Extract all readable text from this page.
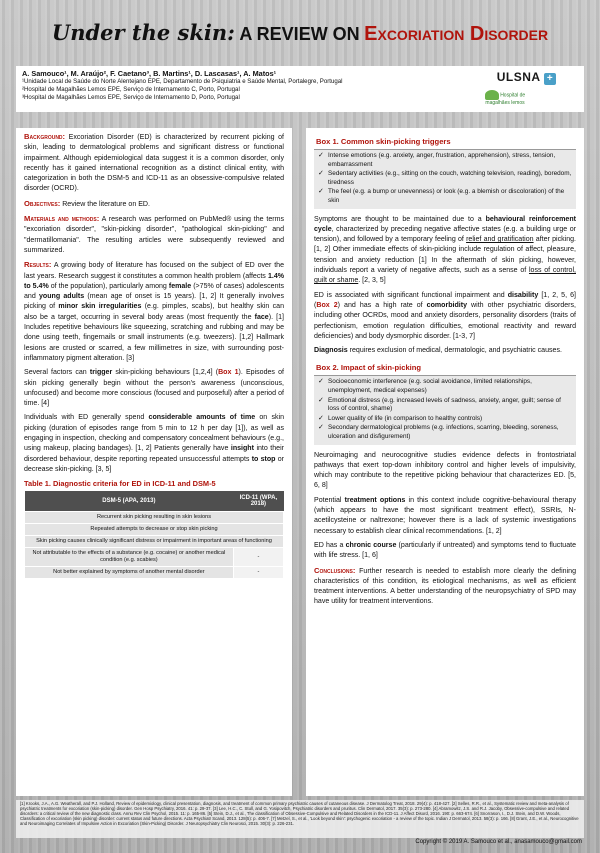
Under the skin: A REVIEW ON Excoriation Disorder
A. Samouco¹, M. Araújo², F. Caetano³, B. Martins¹, D. Lascasas¹, A. Matos¹
¹Unidade Local de Saúde do Norte Alentejano EPE, Departamento de Psiquiatria e Saúde Mental, Portalegre, Portugal
²Hospital de Magalhães Lemos EPE, Serviço de Internamento C, Porto, Portugal
³Hospital de Magalhães Lemos EPE, Serviço de Internamento D, Porto, Portugal
ULSNA +
Hospital de magalhães lemos

Background: Excoriation Disorder (ED) is characterized by recurrent picking of skin, leading to dermatological problems and significant distress or functional impairment. Although epidemiological data suggest it is a common disorder, only recently has it gained international recognition as a distinct clinical entity, with categorization in both the DSM-5 and ICD-11 as an obsessive-compulsive related disorder (OCRD).

Objectives: Review the literature on ED.

Materials and methods: A research was performed on PubMed® using the terms "excoriation disorder", "skin-picking disorder", "pathological skin-picking" and "dermatillomania". The resulting articles were subsequently reviewed and summarized.

Results: A growing body of literature has focused on the subject of ED over the last years. Research suggest it constitutes a common health problem (affects 1.4% to 5.4% of the population), particularly among female (>75% of cases) adolescents and young adults (mean age of onset is 15 years). [1, 2] It generally involves picking of minor skin irregularities (e.g. pimples, scabs), but healthy skin can also be a target, occurring in several body areas (most frequently the face). [1] Includes repetitive behaviours like squeezing, scratching and rubbing and may be done using teeth, fingernails or small instruments (e.g. tweezers). [1,2] Hallmark lesions are crusted or scarred, a few millimetres in size, with surrounding post-inflammatory pigment alteration. [3]

Several factors can trigger skin-picking behaviours [1,2,4] (Box 1). Episodes of skin picking generally begin without the person's awareness (unconscious, unfocused) and become more conscious (focused and purposeful) after a period of time. [4]

Individuals with ED generally spend considerable amounts of time on skin picking (duration of episodes range from 5 min to 12 h per day [1]), as well as engaging in inspection, checking and compensatory concealment behaviours (e.g., using makeup, placing bandages). [1, 2] Patients generally have insight into their disordered behaviour, despite reporting repeated unsuccessful attempts to stop or decrease skin-picking. [3, 5]

Table 1. Diagnostic criteria for ED in ICD-11 and DSM-5
DSM-5 (APA, 2013)	ICD-11 (WPA, 2018)
Recurrent skin picking resulting in skin lesions	
Repeated attempts to decrease or stop skin picking	
Skin picking causes clinically significant distress or impairment in important areas of functioning	
Not attributable to the effects of a substance (e.g. cocaine) or another medical condition (e.g. scabies)	-
Not better explained by symptoms of another mental disorder	-
Box 1. Common skin-picking triggers
✓ Intense emotions (e.g. anxiety, anger, frustration, apprehension), stress, tension, embarrassment
✓ Sedentary activities (e.g., sitting on the couch, watching television, reading), boredom, tiredness
✓ The feel (e.g. a bump or unevenness) or look (e.g. a blemish or discoloration) of the skin

Symptoms are thought to be maintained due to a behavioural reinforcement cycle, characterized by preceding negative affective states (e.g. a building urge or tension), and followed by a temporary feeling of relief and gratification after picking. [1, 2] Other immediate effects of skin-picking include regulation of affect, pleasure, tension and anxiety reduction [1] In the aftermath of skin picking, however, individuals report a variety of negative affects, such as a sense of loss of control, guilt or shame. [2, 3, 5]

ED is associated with significant functional impairment and disability [1, 2, 5, 6] (Box 2) and has a high rate of comorbidity with other psychiatric disorders, including other OCRDs, mood and anxiety disorders, personality disorders (traits of perfectionism, emotion regulation difficulties, emotional reactivity and reward deficiencies) and body dysmorphic disorder. [1-3, 7]

Diagnosis requires exclusion of medical, dermatologic, and psychiatric causes.

Box 2. Impact of skin-picking
✓ Socioeconomic interference (e.g. social avoidance, limited relationships, unemployment, medical expenses)
✓ Emotional distress (e.g. increased levels of sadness, anxiety, anger, guilt; sense of loss of control, shame)
✓ Lower quality of life (in comparison to healthy controls)
✓ Secondary dermatological problems (e.g. infections, scarring, bleeding, soreness, ulceration and disfigurement)

Neuroimaging and neurocognitive studies evidence defects in frontostriatal pathways that exert top-down inhibitory control and higher levels of impulsivity, which may contribute to the repetitive picking behaviour that characterizes ED. [5, 6, 8]

Potential treatment options in this context include cognitive-behavioural therapy (which appears to have the most significant treatment effect), SSRIs, N-acetilcysteine or naltrexone; however there is a lack of systemic investigations necessary to establish clear clinical recommendations. [1, 2]

ED has a chronic course (particularly if untreated) and symptoms tend to fluctuate with life stress. [1, 6]

Conclusions: Further research is needed to establish more clearly the defining characteristics of this condition, its etiological mechanisms, as well as efficient treatment interventions. A better understanding of the neuropsychiatry of SPD may have utility for treatment interventions.

[1] Krooks, J.A., A.G. Weatherall, and P.J. Holland, Review of epidemiology, clinical presentation, diagnosis, and treatment of common primary psychiatric causes of cutaneous disease. J Dermatolog Treat, 2018. 29(4): p. 418-427. [2] Selles, R.R., et al., Systematic review and meta-analysis of psychiatric treatments for excoriation (skin-picking) disorder. Gen Hosp Psychiatry, 2016. 41: p. 29-37. [3] Lee, H.C., C. Stull, and G. Yosipovitch, Psychiatric disorders and pruritus. Clin Dermatol, 2017. 35(3): p. 273-280. [4] Abramowitz, J.S. and R.J. Jacoby, Obsessive-compulsive and related disorders: a critical review of the new diagnostic class. Annu Rev Clin Psychol, 2015. 11: p. 165-86. [5] Stein, D.J., et al., The classification of Obsessive-Compulsive and Related Disorders in the ICD-11. J Affect Disord, 2016. 190: p. 663-674. [6] Snorrason, I., D.J. Stein, and D.W. Woods, Classification of excoriation (skin picking) disorder: current status and future directions. Acta Psychiatr Scand, 2013. 128(5): p. 406-7. [7] Metzel, S., et al., 'Look beyond skin': psychogenic excoriation - a review of the topic. Indian J Dermatol, 2013. 58(3): p. 166. [8] Grant, J.E., et al., Neurocognitive and Neuroimaging Correlates of Impulsive Action in Excoriation (Skin-Picking) Disorder. J Neuropsychiatry Clin Neurosci, 2015. 30(3): p. 226-231.
Copyright © 2019 A. Samouco et al., anasamouco@gmail.com
